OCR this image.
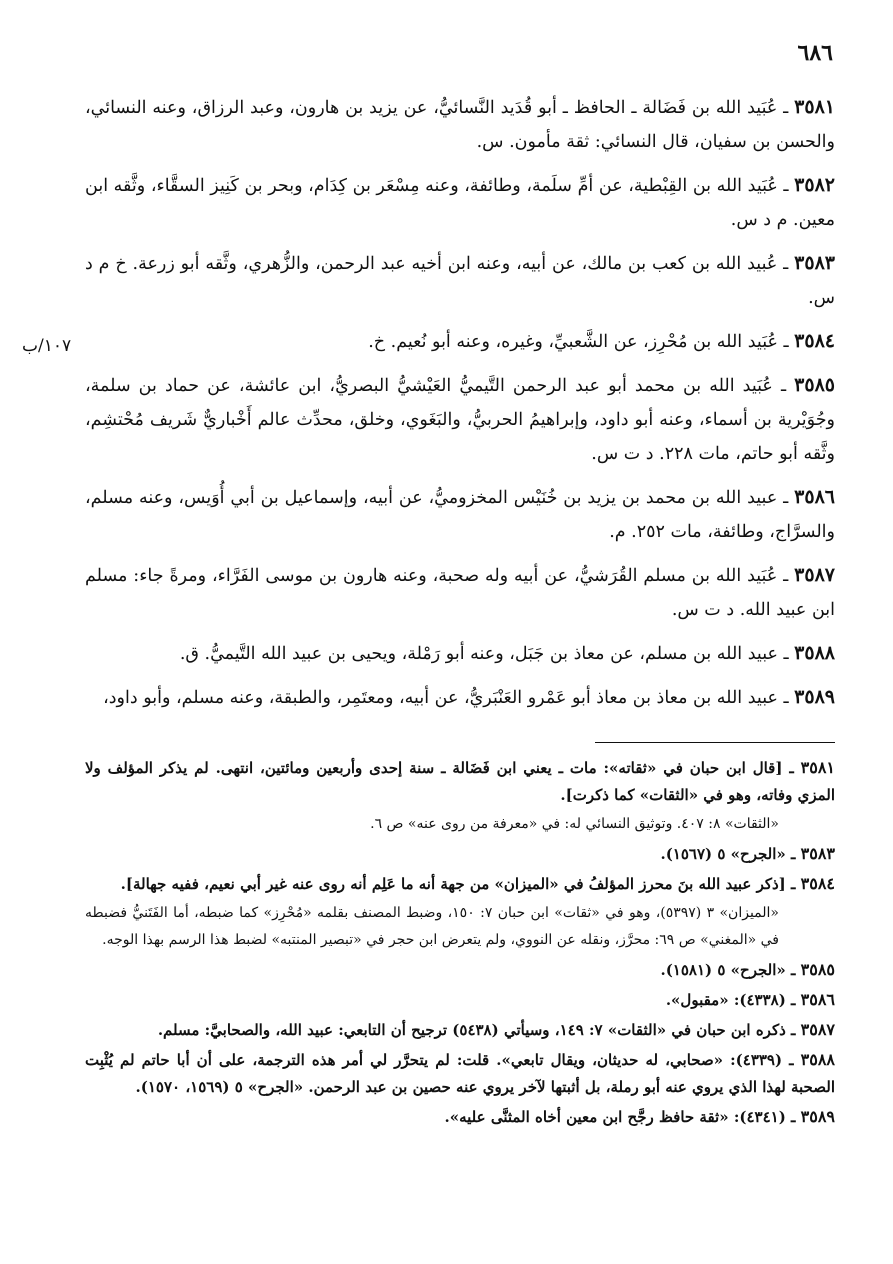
٦٨٦
١٠٧/ب

٣٥٨١ ـ عُبَيد الله بن فَضَالة ـ الحافظ ـ أبو قُدَيد النَّسائيُّ، عن يزيد بن هارون، وعبد الرزاق، وعنه النسائي، والحسن بن سفيان، قال النسائي: ثقة مأمون. س.

٣٥٨٢ ـ عُبَيد الله بن القِبْطية، عن أمِّ سلَمة، وطائفة، وعنه مِسْعَر بن كِدَام، وبحر بن كَنِيز السقَّاء، وثَّقه ابن معين. م د س.

٣٥٨٣ ـ عُبيد الله بن كعب بن مالك، عن أبيه، وعنه ابن أخيه عبد الرحمن، والزُّهري، وثَّقه أبو زرعة. خ م د س.

٣٥٨٤ ـ عُبَيد الله بن مُحْرِز، عن الشَّعبيِّ، وغيره، وعنه أبو نُعيم. خ.

٣٥٨٥ ـ عُبَيد الله بن محمد أبو عبد الرحمن التَّيميُّ العَيْشيُّ البصريُّ، ابن عائشة، عن حماد بن سلمة، وجُوَيْرية بن أسماء، وعنه أبو داود، وإبراهيمُ الحربيُّ، والبَغَوي، وخلق، محدِّث عالم أَخْباريٌّ شَريف مُحْتشِم، وثَّقه أبو حاتم، مات ٢٢٨. د ت س.

٣٥٨٦ ـ عبيد الله بن محمد بن يزيد بن خُنَيْس المخزوميُّ، عن أبيه، وإسماعيل بن أبي أُوَيس، وعنه مسلم، والسرَّاج، وطائفة، مات ٢٥٢. م.

٣٥٨٧ ـ عُبَيد الله بن مسلم القُرَشيُّ، عن أبيه وله صحبة، وعنه هارون بن موسى الفَرَّاء، ومرةً جاء: مسلم ابن عبيد الله. د ت س.

٣٥٨٨ ـ عبيد الله بن مسلم، عن معاذ بن جَبَل، وعنه أبو رَمْلة، ويحيى بن عبيد الله التَّيميُّ. ق.

٣٥٨٩ ـ عبيد الله بن معاذ بن معاذ أبو عَمْرو العَنْبَريُّ، عن أبيه، ومعتَمِر، والطبقة، وعنه مسلم، وأبو داود،

٣٥٨١ ـ [قال ابن حبان في «ثقاته»: مات ـ يعني ابن فَضَالة ـ سنة إحدى وأربعين ومائتين، انتهى. لم يذكر المؤلف ولا المزي وفاته، وهو في «الثقات» كما ذكرت].

«الثقات» ٨: ٤٠٧. وتوثيق النسائي له: في «معرفة من روى عنه» ص ٦.

٣٥٨٣ ـ «الجرح» ٥ (١٥٦٧).

٣٥٨٤ ـ [ذكر عبيد الله بنَ محرز المؤلفُ في «الميزان» من جهة أنه ما عَلِم أنه روى عنه غير أبي نعيم، ففيه جهالة].

«الميزان» ٣ (٥٣٩٧)، وهو في «ثقات» ابن حبان ٧: ١٥٠، وضبط المصنف بقلمه «مُحْرِز» كما ضبطه، أما الفَتَنيُّ فضبطه في «المغني» ص ٦٩: محرَّز، ونقله عن النووي، ولم يتعرض ابن حجر في «تبصير المنتبه» لضبط هذا الرسم بهذا الوجه.

٣٥٨٥ ـ «الجرح» ٥ (١٥٨١).

٣٥٨٦ ـ (٤٣٣٨): «مقبول».

٣٥٨٧ ـ ذكره ابن حبان في «الثقات» ٧: ١٤٩، وسيأتي (٥٤٣٨) ترجيح أن التابعي: عبيد الله، والصحابيَّ: مسلم.

٣٥٨٨ ـ (٤٣٣٩): «صحابي، له حديثان، ويقال تابعي». قلت: لم يتحرَّر لي أمر هذه الترجمة، على أن أبا حاتم لم يُثْبِت الصحبة لهذا الذي يروي عنه أبو رملة، بل أثبتها لآخر يروي عنه حصين بن عبد الرحمن. «الجرح» ٥ (١٥٦٩، ١٥٧٠).

٣٥٨٩ ـ (٤٣٤١): «ثقة حافظ رجَّح ابن معين أخاه المثنَّى عليه».
